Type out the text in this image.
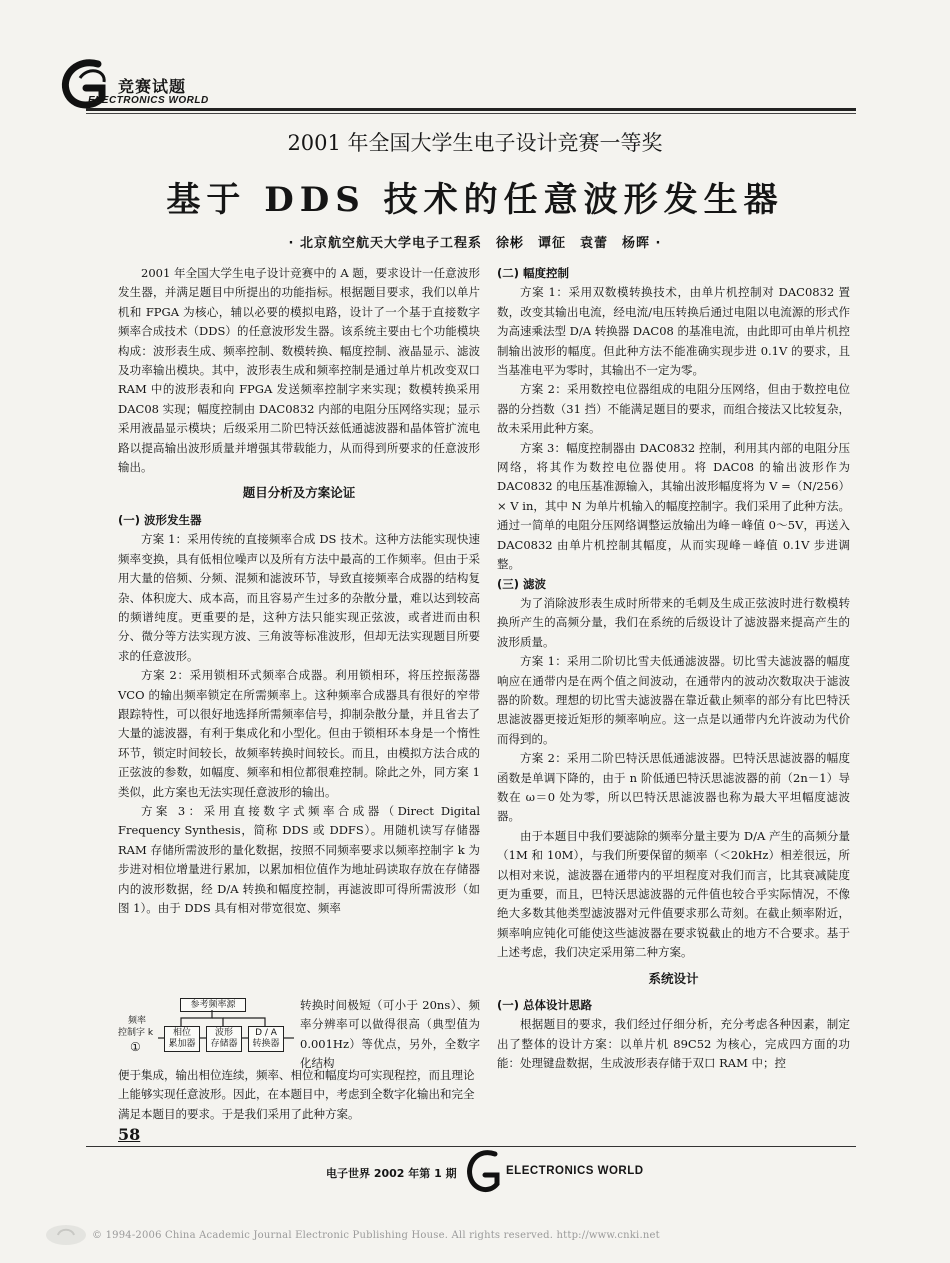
竞赛试题
ELECTRONICS WORLD
2001 年全国大学生电子设计竞赛一等奖
基于 DDS 技术的任意波形发生器
· 北京航空航天大学电子工程系　徐彬　谭征　袁蕾　杨晖 ·

2001 年全国大学生电子设计竞赛中的 A 题，要求设计一任意波形发生器，并满足题目中所提出的功能指标。根据题目要求，我们以单片机和 FPGA 为核心，辅以必要的模拟电路，设计了一个基于直接数字频率合成技术（DDS）的任意波形发生器。该系统主要由七个功能模块构成：波形表生成、频率控制、数模转换、幅度控制、液晶显示、滤波及功率输出模块。其中，波形表生成和频率控制是通过单片机改变双口 RAM 中的波形表和向 FPGA 发送频率控制字来实现；数模转换采用 DAC08 实现；幅度控制由 DAC0832 内部的电阻分压网络实现；显示采用液晶显示模块；后级采用二阶巴特沃兹低通滤波器和晶体管扩流电路以提高输出波形质量并增强其带载能力，从而得到所要求的任意波形输出。

题目分析及方案论证
(一) 波形发生器

方案 1：采用传统的直接频率合成 DS 技术。这种方法能实现快速频率变换，具有低相位噪声以及所有方法中最高的工作频率。但由于采用大量的倍频、分频、混频和滤波环节，导致直接频率合成器的结构复杂、体积庞大、成本高，而且容易产生过多的杂散分量，难以达到较高的频谱纯度。更重要的是，这种方法只能实现正弦波，或者进而由积分、微分等方法实现方波、三角波等标准波形，但却无法实现题目所要求的任意波形。

方案 2：采用锁相环式频率合成器。利用锁相环，将压控振荡器 VCO 的输出频率锁定在所需频率上。这种频率合成器具有很好的窄带跟踪特性，可以很好地选择所需频率信号，抑制杂散分量，并且省去了大量的滤波器，有利于集成化和小型化。但由于锁相环本身是一个惰性环节，锁定时间较长，故频率转换时间较长。而且，由模拟方法合成的正弦波的参数，如幅度、频率和相位都很难控制。除此之外，同方案 1 类似，此方案也无法实现任意波形的输出。

方案 3：采用直接数字式频率合成器（Direct Digital Frequency Synthesis，简称 DDS 或 DDFS）。用随机读写存储器 RAM 存储所需波形的量化数据，按照不同频率要求以频率控制字 k 为步进对相位增量进行累加，以累加相位值作为地址码读取存放在存储器内的波形数据，经 D/A 转换和幅度控制，再滤波即可得所需波形（如图 1）。由于 DDS 具有相对带宽很宽、频率

参考频率源
频率
控制字 k
①
相位
累加器
波形
存储器
D / A
转换器
转换时间极短（可小于 20ns）、频率分辨率可以做得很高（典型值为 0.001Hz）等优点，另外，全数字化结构
便于集成，输出相位连续，频率、相位和幅度均可实现程控，而且理论上能够实现任意波形。因此，在本题目中，考虑到全数字化输出和完全满足本题目的要求。于是我们采用了此种方案。
(二) 幅度控制

方案 1：采用双数模转换技术，由单片机控制对 DAC0832 置数，改变其输出电流，经电流/电压转换后通过电阻以电流源的形式作为高速乘法型 D/A 转换器 DAC08 的基准电流，由此即可由单片机控制输出波形的幅度。但此种方法不能准确实现步进 0.1V 的要求，且当基准电平为零时，其输出不一定为零。

方案 2：采用数控电位器组成的电阻分压网络，但由于数控电位器的分挡数（31 挡）不能满足题目的要求，而组合接法又比较复杂，故未采用此种方案。

方案 3：幅度控制器由 DAC0832 控制，利用其内部的电阻分压网络，将其作为数控电位器使用。将 DAC08 的输出波形作为 DAC0832 的电压基准源输入，其输出波形幅度将为 V =（N/256）× V in，其中 N 为单片机输入的幅度控制字。我们采用了此种方法。通过一简单的电阻分压网络调整运放输出为峰－峰值 0～5V，再送入 DAC0832 由单片机控制其幅度，从而实现峰－峰值 0.1V 步进调整。

(三) 滤波

为了消除波形表生成时所带来的毛刺及生成正弦波时进行数模转换所产生的高频分量，我们在系统的后级设计了滤波器来提高产生的波形质量。

方案 1：采用二阶切比雪夫低通滤波器。切比雪夫滤波器的幅度响应在通带内是在两个值之间波动，在通带内的波动次数取决于滤波器的阶数。理想的切比雪夫滤波器在靠近截止频率的部分有比巴特沃思滤波器更接近矩形的频率响应。这一点是以通带内允许波动为代价而得到的。

方案 2：采用二阶巴特沃思低通滤波器。巴特沃思滤波器的幅度函数是单调下降的，由于 n 阶低通巴特沃思滤波器的前（2n－1）导数在 ω＝0 处为零，所以巴特沃思滤波器也称为最大平坦幅度滤波器。

由于本题目中我们要滤除的频率分量主要为 D/A 产生的高频分量（1M 和 10M），与我们所要保留的频率（＜20kHz）相差很远，所以相对来说，滤波器在通带内的平坦程度对我们而言，比其衰减陡度更为重要，而且，巴特沃思滤波器的元件值也较合乎实际情况，不像绝大多数其他类型滤波器对元件值要求那么苛刻。在截止频率附近，频率响应钝化可能使这些滤波器在要求锐截止的地方不合要求。基于上述考虑，我们决定采用第二种方案。

系统设计
(一) 总体设计思路

根据题目的要求，我们经过仔细分析，充分考虑各种因素，制定出了整体的设计方案：以单片机 89C52 为核心，完成四方面的功能：处理键盘数据，生成波形表存储于双口 RAM 中；控

58
电子世界 2002 年第 1 期	ELECTRONICS WORLD
© 1994-2006 China Academic Journal Electronic Publishing House. All rights reserved. http://www.cnki.net
